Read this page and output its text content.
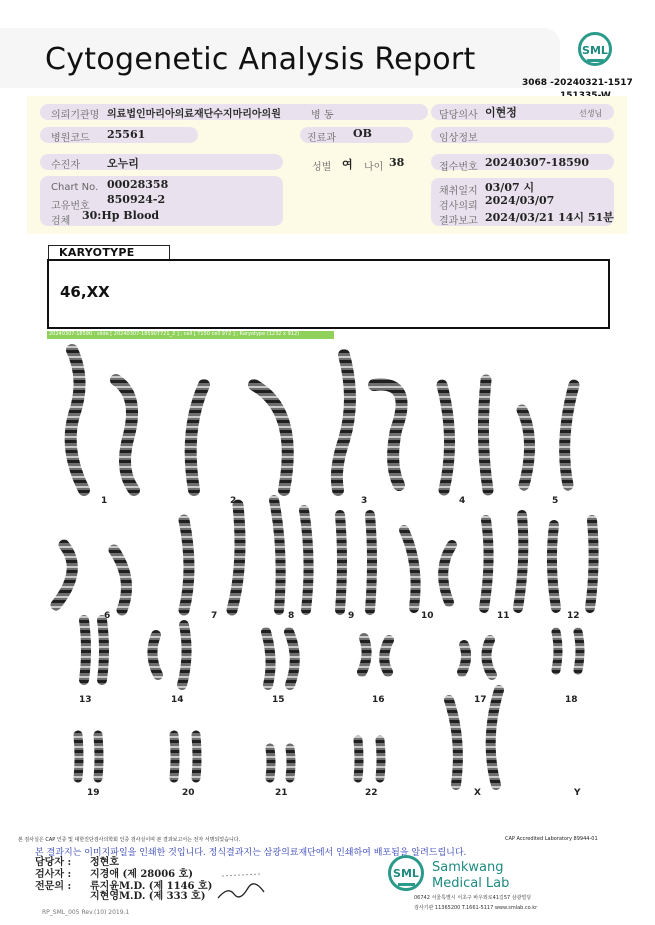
Cytogenetic Analysis Report	SML
3068 -20240321-1517
의뢰기관명 의료법인마리아의료재단수지마리아의원	병 동	담당의사 이현정	선생님
병원코드 25561	진료과 OB	임상정보
수진자 오누리	성별 여 나이 38	접수번호 20240307-18590
Chart No. 00028358
고유번호
850924-2
검체 30:Hp Blood
채취일지 03/07 시
검사의뢰 2024/03/07
결과보고 2024/03/21 14시 51분
KARYOTYPE
46,XX
20240307-18590 : slide [ 20240307-18590T721_2 ] ; cell [ T150 cell 972 ] ; Karyotype (1232 x 912)
1	2	3	4	5
6	7	8	9	10	11	12
13	14	15	16	17	18
19	20	21	22	X	Y
본 검사실은 CAP 인증 및 대한진단검사의학회 인증 검사실이며 본 결과보고서는 전자 서명되었습니다.	CAP Accredited Laboratory 89944-01
본 결과지는 이미지파일을 인쇄한 것입니다. 정식결과지는 삼광의료재단에서 인쇄하여 배포됨을 알려드립니다.
담당자 : 정현호
검사자 : 지경애 (제 28006 호)
전문의 : 류지윤M.D. (제 1146 호)
지현영M.D. (제 333 호)
SML Samkwang
Medical Lab
06742 서울특별시 서초구 바우뫼로41길57 삼광빌딩
검사기관 11365200 T.1661-5117 www.smlab.co.kr
RP_SML_005 Rev.(10) 2019.1
